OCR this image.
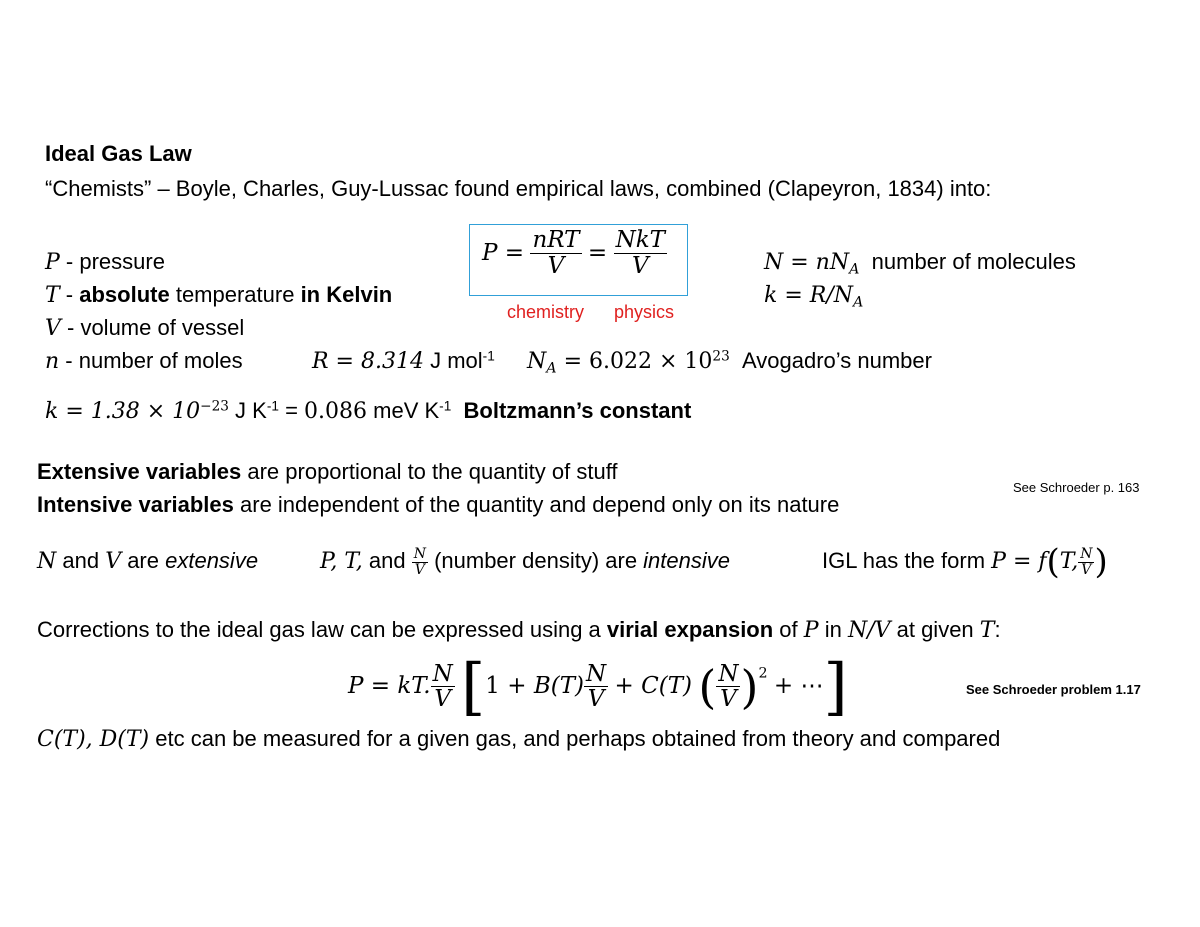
Ideal Gas Law
“Chemists” – Boyle, Charles, Guy-Lussac found empirical laws, combined (Clapeyron, 1834) into:
P - pressure
T - absolute temperature in Kelvin
V - volume of vessel
n - number of moles	R = 8.314 J mol$^{-1}$ $N_A = 6.022 \times 10^{23}$ Avogadro’s number
$k = 1.38 \times 10^{-23}$ J $K^{-1} = 0.086$ meV $K^{-1}$ Boltzmann’s constant
$P = \frac{\text{nRT}}{V} = \frac{\text{NkT}}{V}$
chemistry physics
$N = nN_A$ number of molecules
$k = R/N_A$
Extensive variables are proportional to the quantity of stuff
Intensive variables are independent of the quantity and depend only on its nature
See Schroeder p. 163
N and V are extensive	P, T, and $\frac{N}{V}$ (number density) are intensive	IGL has the form P = f(T, $\frac{N}{V}$ )
Corrections to the ideal gas law can be expressed using a virial expansion of P in N/V at given T:
P = kT. $\frac{N}{V} [1 + B(T) \frac{N}{V} + C(T)$ ( $\frac{N}{V} )^2$ + ⋯]	See Schroeder problem 1.17
C(T), D(T) etc can be measured for a given gas, and perhaps obtained from theory and compared
